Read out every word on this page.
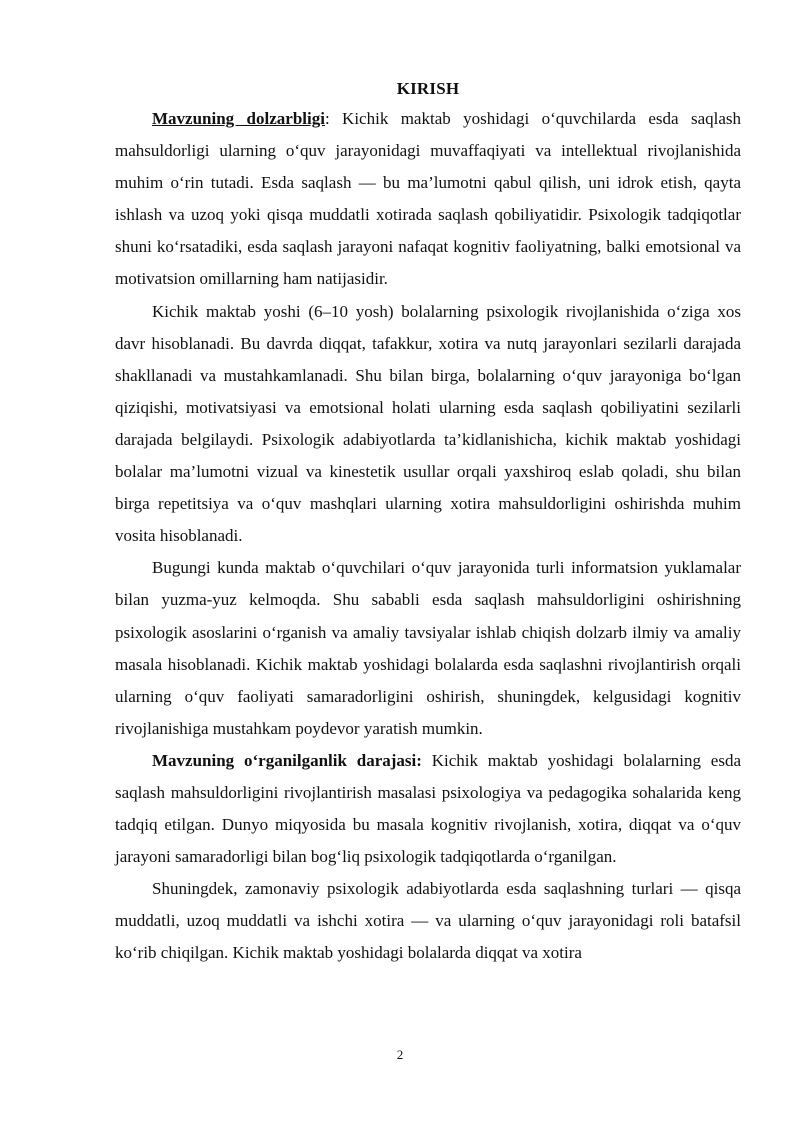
KIRISH

Mavzuning dolzarbligi: Kichik maktab yoshidagi o‘quvchilarda esda saqlash mahsuldorligi ularning o‘quv jarayonidagi muvaffaqiyati va intellektual rivojlanishida muhim o‘rin tutadi. Esda saqlash — bu ma’lumotni qabul qilish, uni idrok etish, qayta ishlash va uzoq yoki qisqa muddatli xotirada saqlash qobiliyatidir. Psixologik tadqiqotlar shuni ko‘rsatadiki, esda saqlash jarayoni nafaqat kognitiv faoliyatning, balki emotsional va motivatsion omillarning ham natijasidir.

Kichik maktab yoshi (6–10 yosh) bolalarning psixologik rivojlanishida o‘ziga xos davr hisoblanadi. Bu davrda diqqat, tafakkur, xotira va nutq jarayonlari sezilarli darajada shakllanadi va mustahkamlanadi. Shu bilan birga, bolalarning o‘quv jarayoniga bo‘lgan qiziqishi, motivatsiyasi va emotsional holati ularning esda saqlash qobiliyatini sezilarli darajada belgilaydi. Psixologik adabiyotlarda ta’kidlanishicha, kichik maktab yoshidagi bolalar ma’lumotni vizual va kinestetik usullar orqali yaxshiroq eslab qoladi, shu bilan birga repetitsiya va o‘quv mashqlari ularning xotira mahsuldorligini oshirishda muhim vosita hisoblanadi.

Bugungi kunda maktab o‘quvchilari o‘quv jarayonida turli informatsion yuklamalar bilan yuzma-yuz kelmoqda. Shu sababli esda saqlash mahsuldorligini oshirishning psixologik asoslarini o‘rganish va amaliy tavsiyalar ishlab chiqish dolzarb ilmiy va amaliy masala hisoblanadi. Kichik maktab yoshidagi bolalarda esda saqlashni rivojlantirish orqali ularning o‘quv faoliyati samaradorligini oshirish, shuningdek, kelgusidagi kognitiv rivojlanishiga mustahkam poydevor yaratish mumkin.

Mavzuning o‘rganilganlik darajasi: Kichik maktab yoshidagi bolalarning esda saqlash mahsuldorligini rivojlantirish masalasi psixologiya va pedagogika sohalarida keng tadqiq etilgan. Dunyo miqyosida bu masala kognitiv rivojlanish, xotira, diqqat va o‘quv jarayoni samaradorligi bilan bog‘liq psixologik tadqiqotlarda o‘rganilgan.

Shuningdek, zamonaviy psixologik adabiyotlarda esda saqlashning turlari — qisqa muddatli, uzoq muddatli va ishchi xotira — va ularning o‘quv jarayonidagi roli batafsil ko‘rib chiqilgan. Kichik maktab yoshidagi bolalarda diqqat va xotira

2
